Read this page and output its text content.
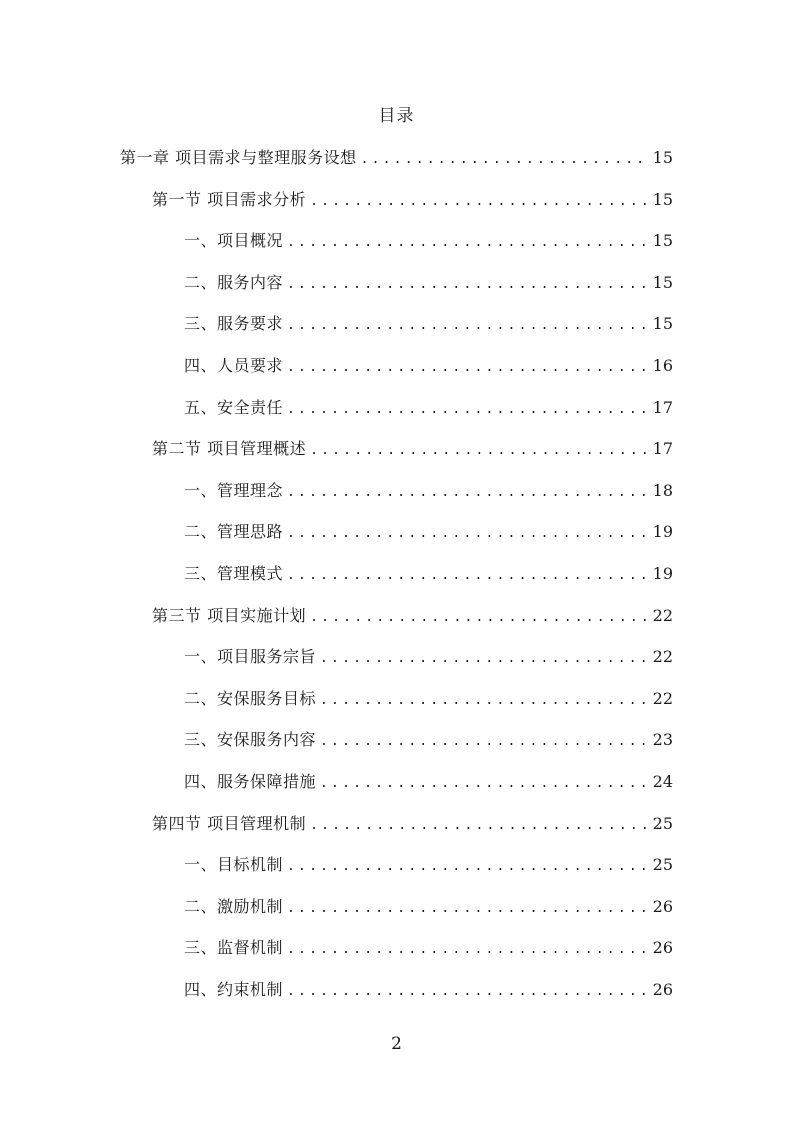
目录
第一章 项目需求与整理服务设想 .....	15
第一节 项目需求分析 .....	15
一、项目概况 .....	15
二、服务内容 .....	15
三、服务要求 .....	15
四、人员要求 .....	16
五、安全责任 .....	17
第二节 项目管理概述 .....	17
一、管理理念 .....	18
二、管理思路 .....	19
三、管理模式 .....	19
第三节 项目实施计划 .....	22
一、项目服务宗旨 .....	22
二、安保服务目标 .....	22
三、安保服务内容 .....	23
四、服务保障措施 .....	24
第四节 项目管理机制 .....	25
一、目标机制 .....	25
二、激励机制 .....	26
三、监督机制 .....	26
四、约束机制 .....	26
2
